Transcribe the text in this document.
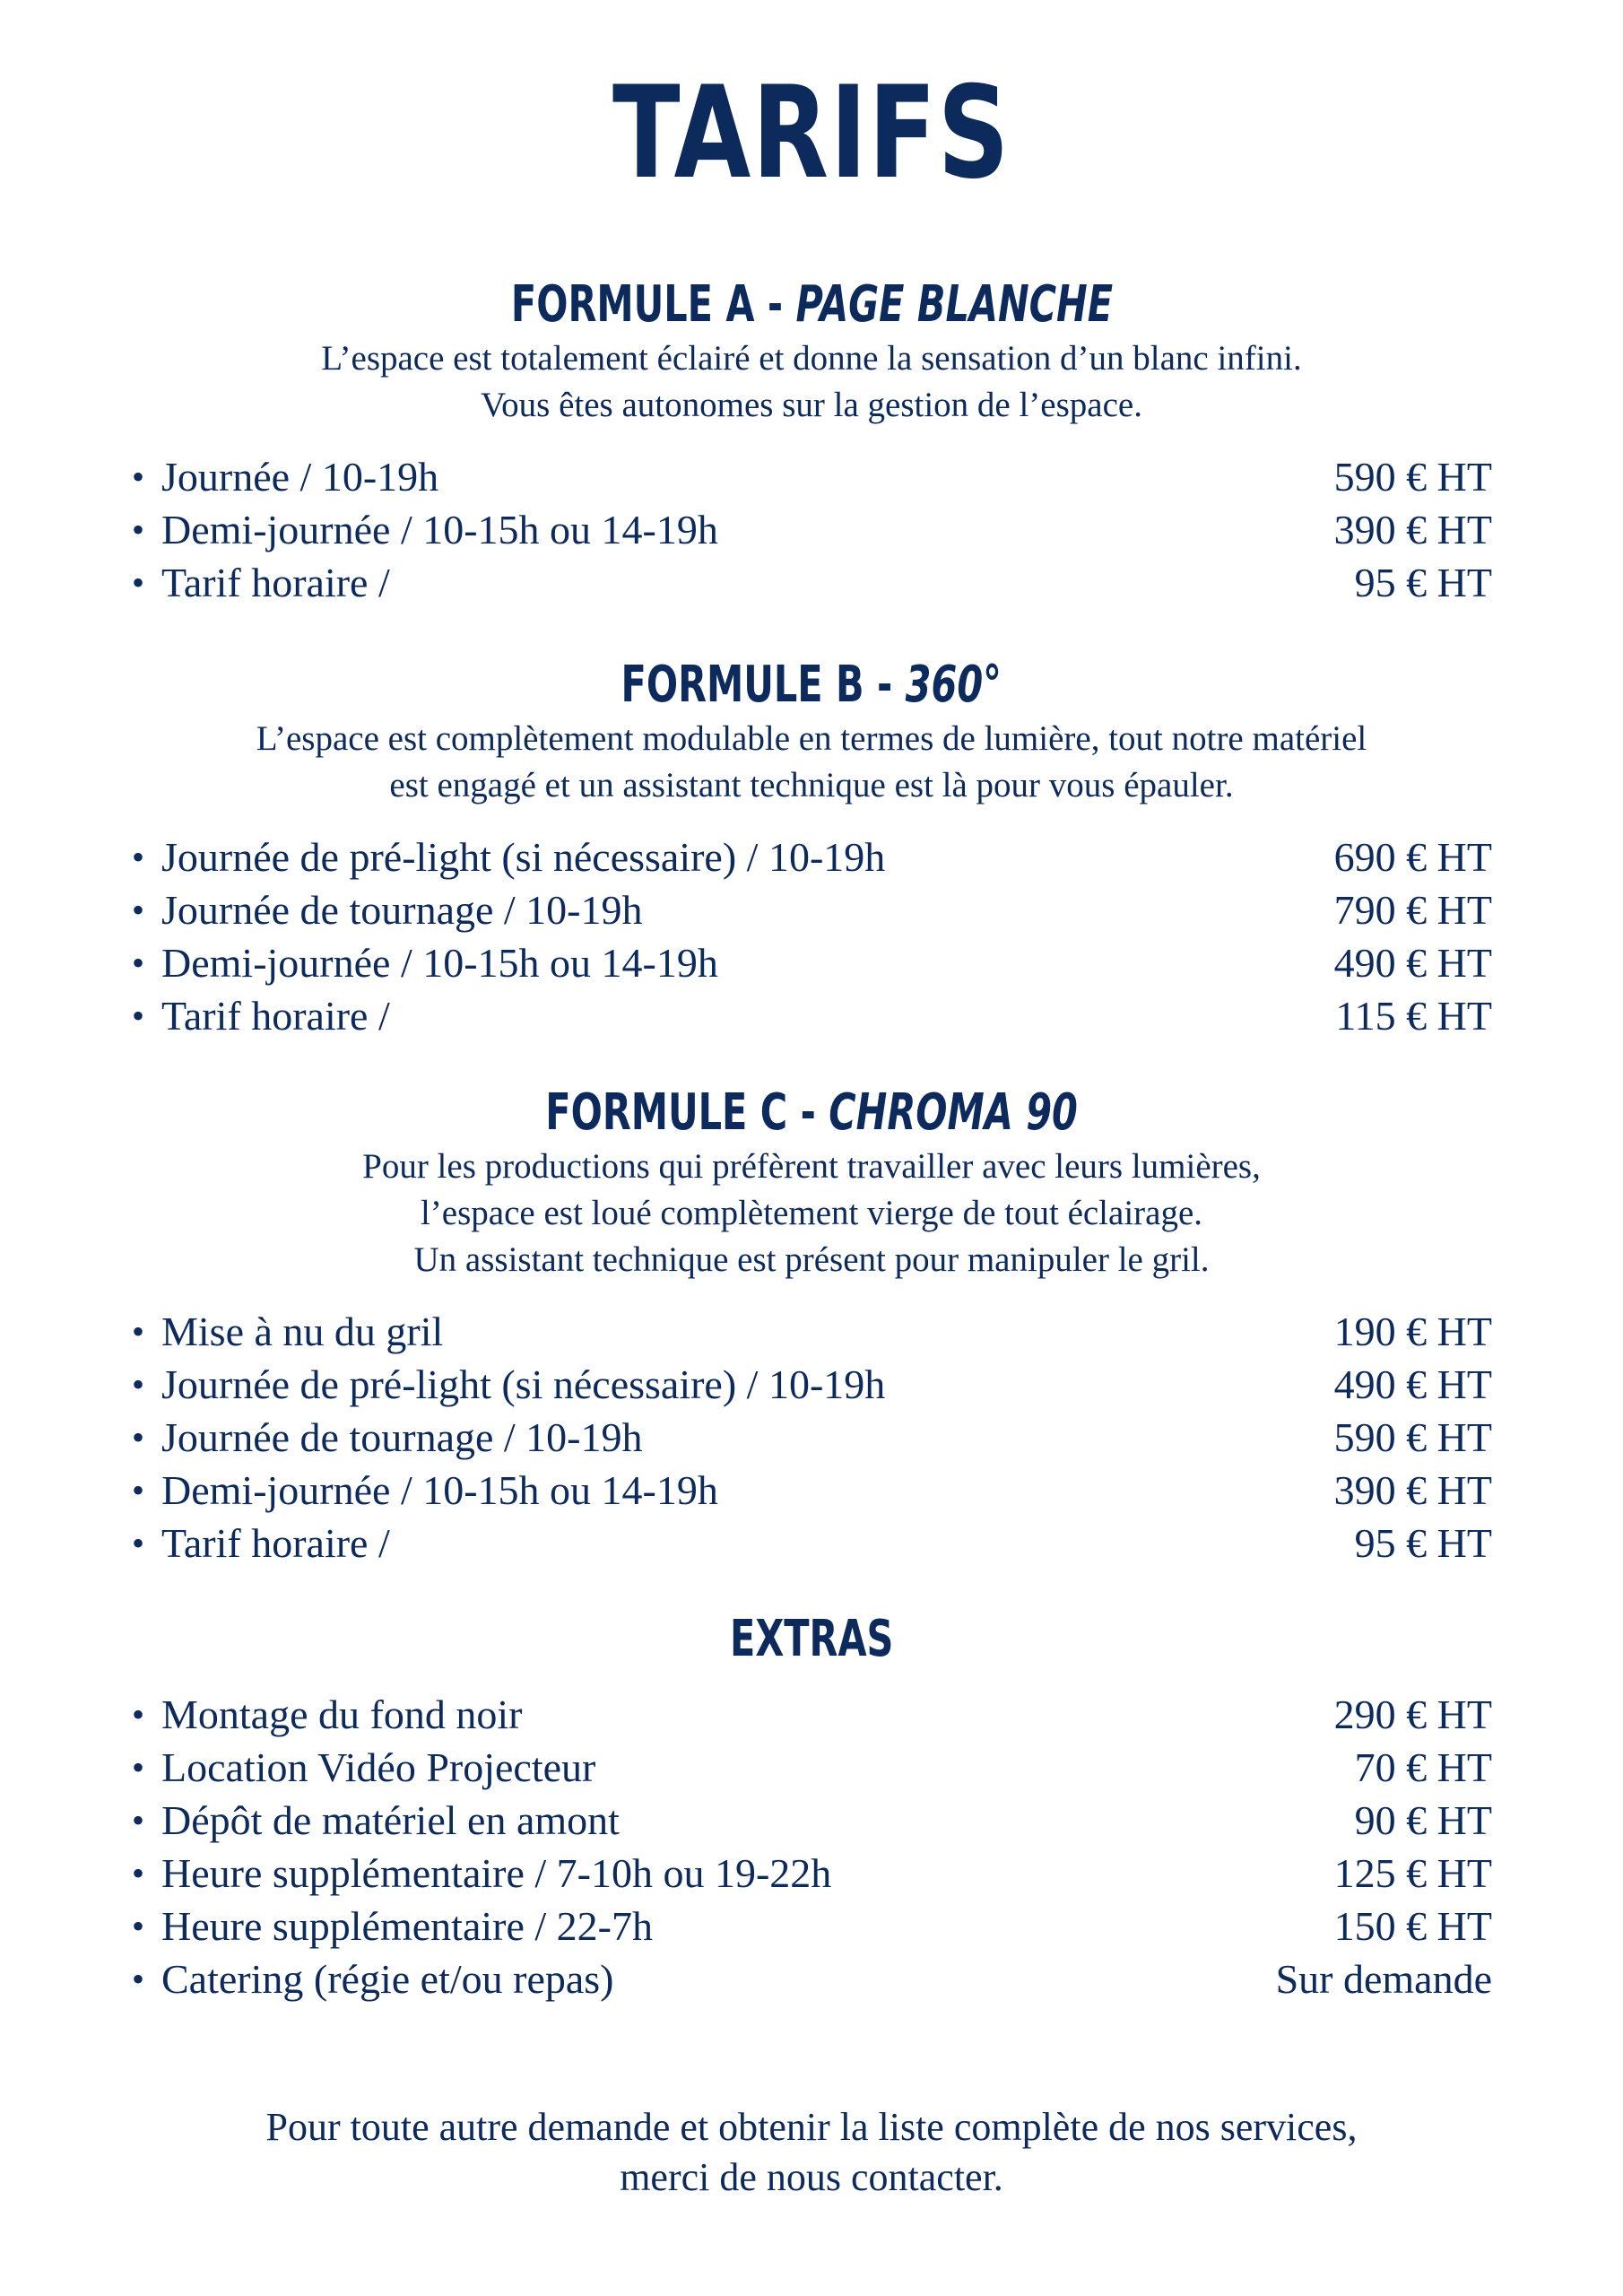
TARIFS
FORMULE A - PAGE BLANCHE
L’espace est totalement éclairé et donne la sensation d’un blanc infini.
Vous êtes autonomes sur la gestion de l’espace.
• Journée / 10-19h	590 € HT
• Demi-journée / 10-15h ou 14-19h	390 € HT
• Tarif horaire /	95 € HT
FORMULE B - 360°
L’espace est complètement modulable en termes de lumière, tout notre matériel
est engagé et un assistant technique est là pour vous épauler.
• Journée de pré-light (si nécessaire) / 10-19h	690 € HT
• Journée de tournage / 10-19h	790 € HT
• Demi-journée / 10-15h ou 14-19h	490 € HT
• Tarif horaire /	115 € HT
FORMULE C - CHROMA 90
Pour les productions qui préfèrent travailler avec leurs lumières,
l’espace est loué complètement vierge de tout éclairage.
Un assistant technique est présent pour manipuler le gril.
• Mise à nu du gril	190 € HT
• Journée de pré-light (si nécessaire) / 10-19h	490 € HT
• Journée de tournage / 10-19h	590 € HT
• Demi-journée / 10-15h ou 14-19h	390 € HT
• Tarif horaire /	95 € HT
EXTRAS
• Montage du fond noir	290 € HT
• Location Vidéo Projecteur	70 € HT
• Dépôt de matériel en amont	90 € HT
• Heure supplémentaire / 7-10h ou 19-22h	125 € HT
• Heure supplémentaire / 22-7h	150 € HT
• Catering (régie et/ou repas)	Sur demande
Pour toute autre demande et obtenir la liste complète de nos services,
merci de nous contacter.
